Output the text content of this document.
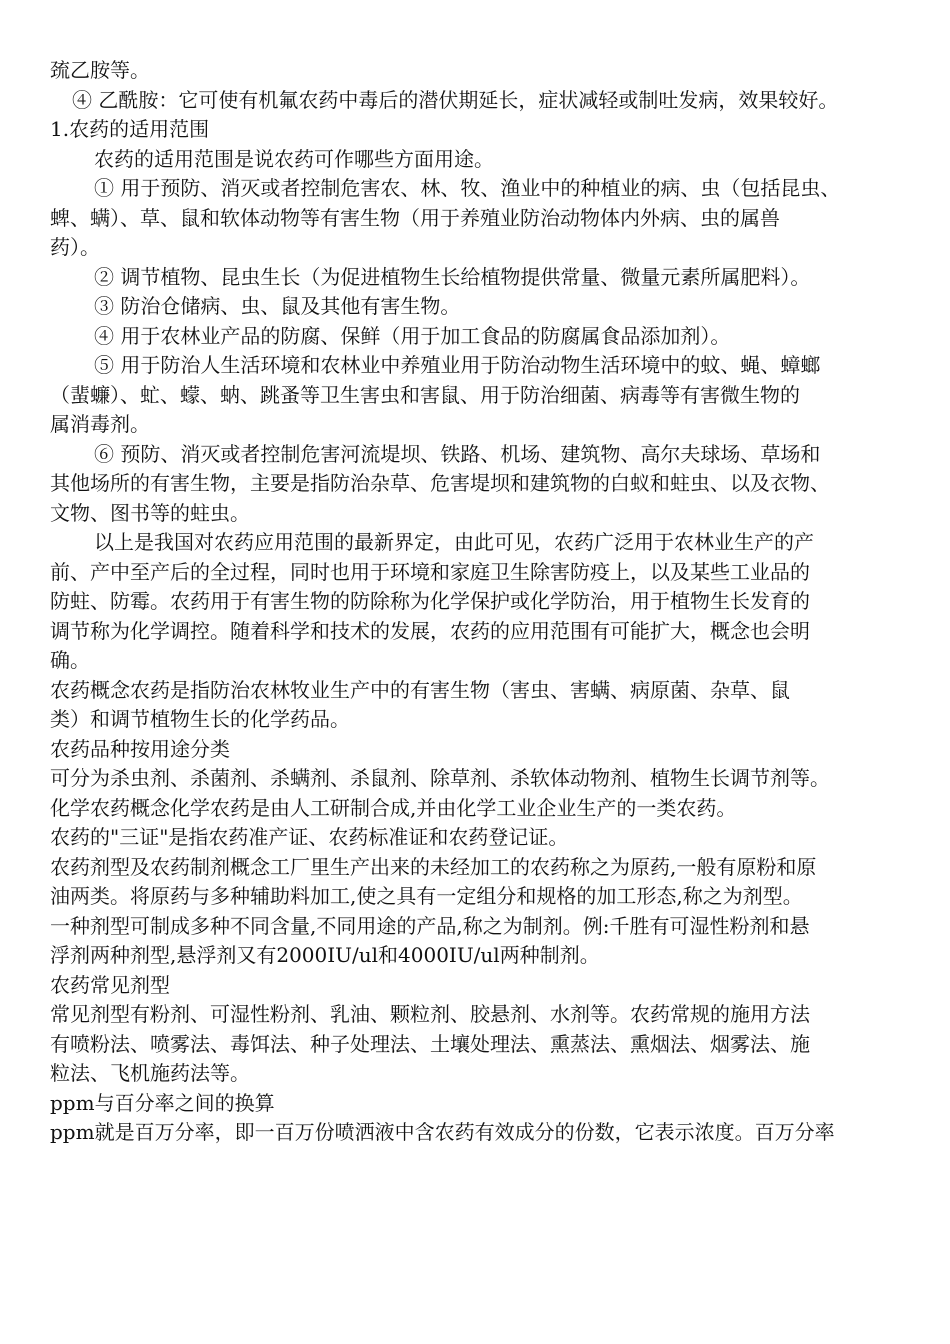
巯乙胺等。
④ 乙酰胺：它可使有机氟农药中毒后的潜伏期延长，症状减轻或制吐发病，效果较好。
1.农药的适用范围
农药的适用范围是说农药可作哪些方面用途。
① 用于预防、消灭或者控制危害农、林、牧、渔业中的种植业的病、虫（包括昆虫、
蜱、螨）、草、鼠和软体动物等有害生物（用于养殖业防治动物体内外病、虫的属兽
药）。
② 调节植物、昆虫生长（为促进植物生长给植物提供常量、微量元素所属肥料）。
③ 防治仓储病、虫、鼠及其他有害生物。
④ 用于农林业产品的防腐、保鲜（用于加工食品的防腐属食品添加剂）。
⑤ 用于防治人生活环境和农林业中养殖业用于防治动物生活环境中的蚊、蝇、蟑螂
（蜚蠊）、虻、蠓、蚋、跳蚤等卫生害虫和害鼠、用于防治细菌、病毒等有害微生物的
属消毒剂。
⑥ 预防、消灭或者控制危害河流堤坝、铁路、机场、建筑物、高尔夫球场、草场和
其他场所的有害生物，主要是指防治杂草、危害堤坝和建筑物的白蚁和蛀虫、以及衣物、
文物、图书等的蛀虫。
以上是我国对农药应用范围的最新界定，由此可见，农药广泛用于农林业生产的产
前、产中至产后的全过程，同时也用于环境和家庭卫生除害防疫上，以及某些工业品的
防蛀、防霉。农药用于有害生物的防除称为化学保护或化学防治，用于植物生长发育的
调节称为化学调控。随着科学和技术的发展，农药的应用范围有可能扩大，概念也会明
确。
农药概念农药是指防治农林牧业生产中的有害生物（害虫、害螨、病原菌、杂草、鼠
类）和调节植物生长的化学药品。
农药品种按用途分类
可分为杀虫剂、杀菌剂、杀螨剂、杀鼠剂、除草剂、杀软体动物剂、植物生长调节剂等。
化学农药概念化学农药是由人工研制合成,并由化学工业企业生产的一类农药。
农药的"三证"是指农药准产证、农药标准证和农药登记证。
农药剂型及农药制剂概念工厂里生产出来的未经加工的农药称之为原药,一般有原粉和原
油两类。将原药与多种辅助料加工,使之具有一定组分和规格的加工形态,称之为剂型。
一种剂型可制成多种不同含量,不同用途的产品,称之为制剂。例:千胜有可湿性粉剂和悬
浮剂两种剂型,悬浮剂又有2000IU/ul和4000IU/ul两种制剂。
农药常见剂型
常见剂型有粉剂、可湿性粉剂、乳油、颗粒剂、胶悬剂、水剂等。农药常规的施用方法
有喷粉法、喷雾法、毒饵法、种子处理法、土壤处理法、熏蒸法、熏烟法、烟雾法、施
粒法、飞机施药法等。
ppm与百分率之间的换算
ppm就是百万分率，即一百万份喷洒液中含农药有效成分的份数，它表示浓度。百万分率
